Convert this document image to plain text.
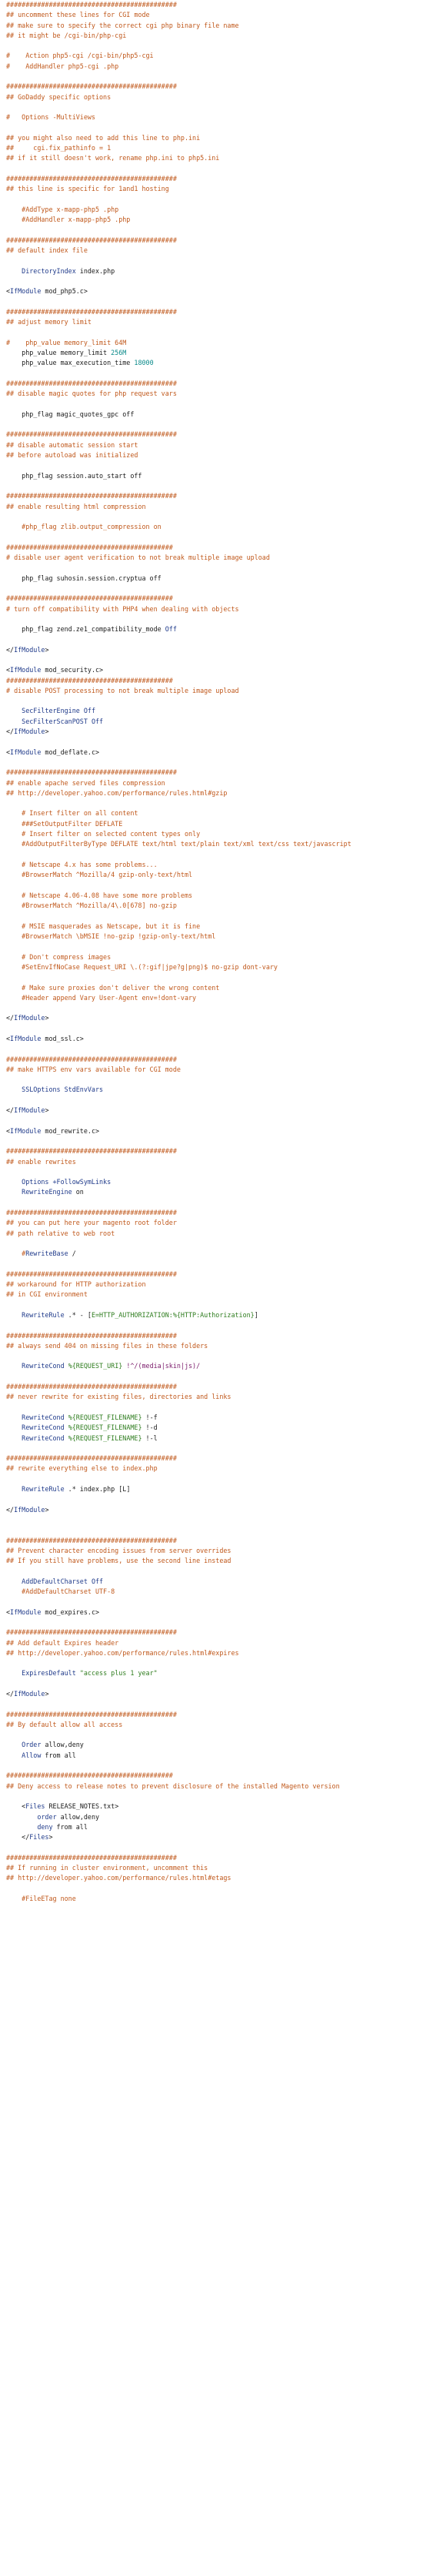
############################################
## uncomment these lines for CGI mode
## make sure to specify the correct cgi php binary file name
## it might be /cgi-bin/php-cgi

#    Action php5-cgi /cgi-bin/php5-cgi
#    AddHandler php5-cgi .php

############################################
## GoDaddy specific options

#   Options -MultiViews

## you might also need to add this line to php.ini
##     cgi.fix_pathinfo = 1
## if it still doesn't work, rename php.ini to php5.ini

############################################
## this line is specific for 1and1 hosting

#AddType x-mapp-php5 .php
#AddHandler x-mapp-php5 .php

############################################
## default index file

DirectoryIndex index.php

<IfModule mod_php5.c>

############################################
## adjust memory limit

#    php_value memory_limit 64M
php_value memory_limit 256M
php_value max_execution_time 18000

############################################
## disable magic quotes for php request vars

php_flag magic_quotes_gpc off

############################################
## disable automatic session start
## before autoload was initialized

php_flag session.auto_start off

############################################
## enable resulting html compression

#php_flag zlib.output_compression on

###########################################
# disable user agent verification to not break multiple image upload

php_flag suhosin.session.cryptua off

###########################################
# turn off compatibility with PHP4 when dealing with objects

php_flag zend.ze1_compatibility_mode Off

</IfModule>

<IfModule mod_security.c>
###########################################
# disable POST processing to not break multiple image upload

SecFilterEngine Off
SecFilterScanPOST Off
</IfModule>

<IfModule mod_deflate.c>

############################################
## enable apache served files compression
## http://developer.yahoo.com/performance/rules.html#gzip

# Insert filter on all content
###SetOutputFilter DEFLATE
# Insert filter on selected content types only
#AddOutputFilterByType DEFLATE text/html text/plain text/xml text/css text/javascript

# Netscape 4.x has some problems...
#BrowserMatch ^Mozilla/4 gzip-only-text/html

# Netscape 4.06-4.08 have some more problems
#BrowserMatch ^Mozilla/4\.0[678] no-gzip

# MSIE masquerades as Netscape, but it is fine
#BrowserMatch \bMSIE !no-gzip !gzip-only-text/html

# Don't compress images
#SetEnvIfNoCase Request_URI \.(?:gif|jpe?g|png)$ no-gzip dont-vary

# Make sure proxies don't deliver the wrong content
#Header append Vary User-Agent env=!dont-vary

</IfModule>

<IfModule mod_ssl.c>

############################################
## make HTTPS env vars available for CGI mode

SSLOptions StdEnvVars

</IfModule>

<IfModule mod_rewrite.c>

############################################
## enable rewrites

Options +FollowSymLinks
RewriteEngine on

############################################
## you can put here your magento root folder
## path relative to web root

#RewriteBase /

############################################
## workaround for HTTP authorization
## in CGI environment

RewriteRule .* - [E=HTTP_AUTHORIZATION:%{HTTP:Authorization}]

############################################
## always send 404 on missing files in these folders

RewriteCond %{REQUEST_URI} !^/(media|skin|js)/

############################################
## never rewrite for existing files, directories and links

RewriteCond %{REQUEST_FILENAME} !-f
RewriteCond %{REQUEST_FILENAME} !-d
RewriteCond %{REQUEST_FILENAME} !-l

############################################
## rewrite everything else to index.php

RewriteRule .* index.php [L]

</IfModule>

############################################
## Prevent character encoding issues from server overrides
## If you still have problems, use the second line instead

AddDefaultCharset Off
#AddDefaultCharset UTF-8

<IfModule mod_expires.c>

############################################
## Add default Expires header
## http://developer.yahoo.com/performance/rules.html#expires

ExpiresDefault "access plus 1 year"

</IfModule>

############################################
## By default allow all access

Order allow,deny
Allow from all

###########################################
## Deny access to release notes to prevent disclosure of the installed Magento version

<Files RELEASE_NOTES.txt>
order allow,deny
deny from all
</Files>

############################################
## If running in cluster environment, uncomment this
## http://developer.yahoo.com/performance/rules.html#etags

#FileETag none
